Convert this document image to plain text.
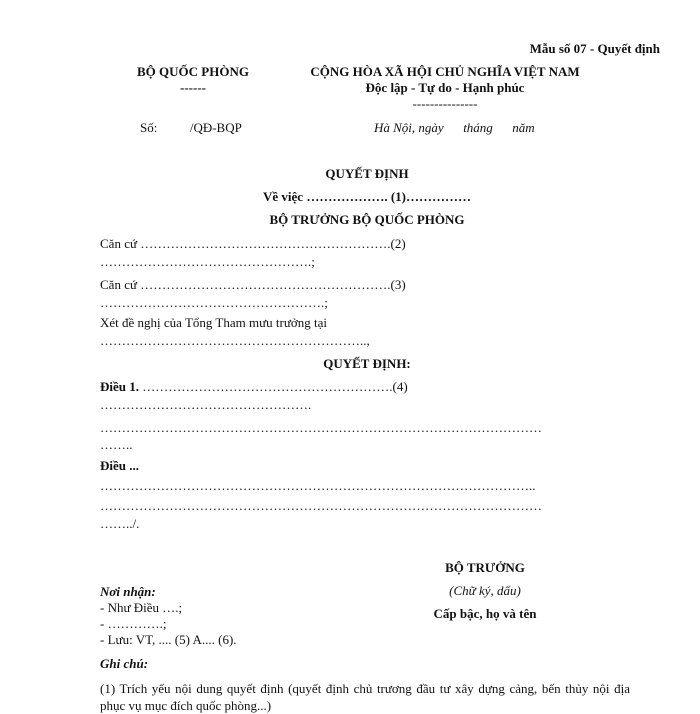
Mẫu số 07 - Quyết định
BỘ QUỐC PHÒNG
------
CỘNG HÒA XÃ HỘI CHỦ NGHĨA VIỆT NAM
Độc lập - Tự do - Hạnh phúc
---------------
Số:          /QĐ-BQP	Hà Nội, ngày      tháng      năm
QUYẾT ĐỊNH
Về việc ………………. (1)……………
BỘ TRƯỞNG BỘ QUỐC PHÒNG
Căn cứ ………………………………………………….(2)
………………………………………….;
Căn cứ ………………………………………………….(3)
…………………………………………….;
Xét đề nghị của Tổng Tham mưu trưởng tại
……………………………………………………..,
QUYẾT ĐỊNH:
Điều 1. ………………………………………………….(4)
………………………………………….
…………………………………………………………………………………………
……..
Điều ...
………………………………………………………………………………………..
…………………………………………………………………………………………
……../.
BỘ TRƯỞNG
(Chữ ký, dấu)
Cấp bậc, họ và tên
Nơi nhận:
- Như Điều ….;
- ………….;
- Lưu: VT, .... (5) A.... (6).
Ghi chú:
(1) Trích yếu nội dung quyết định (quyết định chủ trương đầu tư xây dựng cảng, bến thủy nội địa phục vụ mục đích quốc phòng...)
